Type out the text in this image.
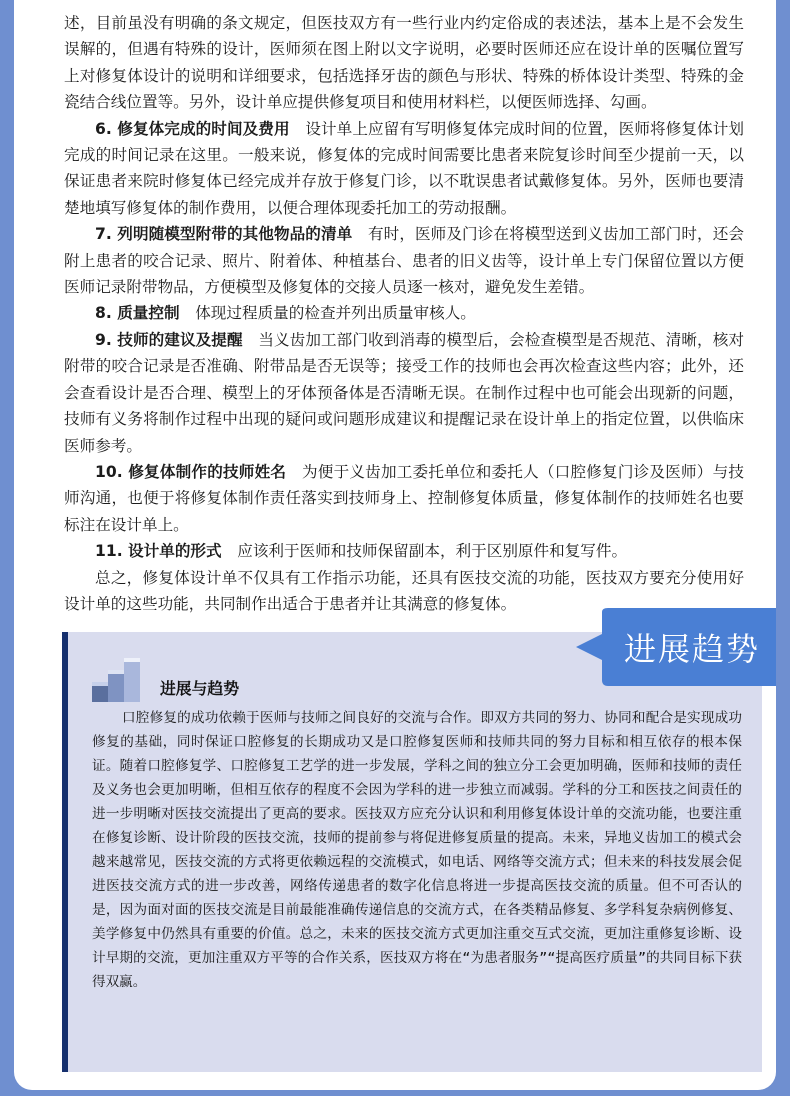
述，目前虽没有明确的条文规定，但医技双方有一些行业内约定俗成的表述法，基本上是不会发生误解的，但遇有特殊的设计，医师须在图上附以文字说明，必要时医师还应在设计单的医嘱位置写上对修复体设计的说明和详细要求，包括选择牙齿的颜色与形状、特殊的桥体设计类型、特殊的金瓷结合线位置等。另外，设计单应提供修复项目和使用材料栏，以便医师选择、勾画。

6. 修复体完成的时间及费用　 设计单上应留有写明修复体完成时间的位置，医师将修复体计划完成的时间记录在这里。一般来说，修复体的完成时间需要比患者来院复诊时间至少提前一天，以保证患者来院时修复体已经完成并存放于修复门诊，以不耽误患者试戴修复体。另外，医师也要清楚地填写修复体的制作费用，以便合理体现委托加工的劳动报酬。

7. 列明随模型附带的其他物品的清单　 有时，医师及门诊在将模型送到义齿加工部门时，还会附上患者的咬合记录、照片、附着体、种植基台、患者的旧义齿等，设计单上专门保留位置以方便医师记录附带物品，方便模型及修复体的交接人员逐一核对，避免发生差错。

8. 质量控制　 体现过程质量的检查并列出质量审核人。

9. 技师的建议及提醒　 当义齿加工部门收到消毒的模型后，会检查模型是否规范、清晰，核对附带的咬合记录是否准确、附带品是否无误等；接受工作的技师也会再次检查这些内容；此外，还会查看设计是否合理、模型上的牙体预备体是否清晰无误。在制作过程中也可能会出现新的问题，技师有义务将制作过程中出现的疑问或问题形成建议和提醒记录在设计单上的指定位置，以供临床医师参考。

10. 修复体制作的技师姓名　 为便于义齿加工委托单位和委托人（口腔修复门诊及医师）与技师沟通，也便于将修复体制作责任落实到技师身上、控制修复体质量，修复体制作的技师姓名也要标注在设计单上。

11. 设计单的形式　 应该利于医师和技师保留副本，利于区别原件和复写件。

总之，修复体设计单不仅具有工作指示功能，还具有医技交流的功能，医技双方要充分使用好设计单的这些功能，共同制作出适合于患者并让其满意的修复体。

进展与趋势

口腔修复的成功依赖于医师与技师之间良好的交流与合作。即双方共同的努力、协同和配合是实现成功修复的基础，同时保证口腔修复的长期成功又是口腔修复医师和技师共同的努力目标和相互依存的根本保证。随着口腔修复学、口腔修复工艺学的进一步发展，学科之间的独立分工会更加明确，医师和技师的责任及义务也会更加明晰，但相互依存的程度不会因为学科的进一步独立而减弱。学科的分工和医技之间责任的进一步明晰对医技交流提出了更高的要求。医技双方应充分认识和利用修复体设计单的交流功能，也要注重在修复诊断、设计阶段的医技交流，技师的提前参与将促进修复质量的提高。未来，异地义齿加工的模式会越来越常见，医技交流的方式将更依赖远程的交流模式，如电话、网络等交流方式；但未来的科技发展会促进医技交流方式的进一步改善，网络传递患者的数字化信息将进一步提高医技交流的质量。但不可否认的是，因为面对面的医技交流是目前最能准确传递信息的交流方式，在各类精品修复、多学科复杂病例修复、美学修复中仍然具有重要的价值。总之，未来的医技交流方式更加注重交互式交流，更加注重修复诊断、设计早期的交流，更加注重双方平等的合作关系，医技双方将在“为患者服务”“提高医疗质量”的共同目标下获得双赢。

进展趋势
